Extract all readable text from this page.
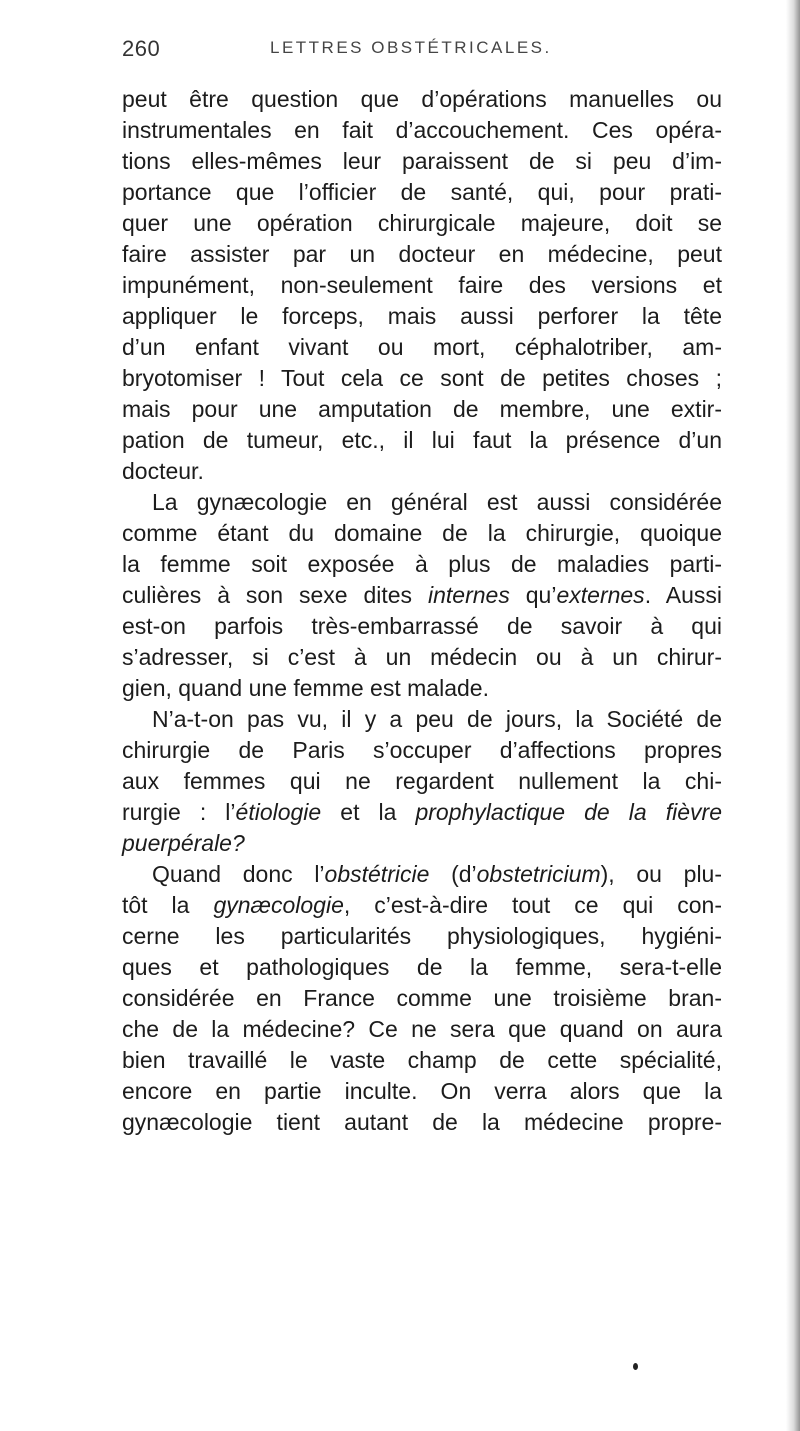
260	LETTRES OBSTÉTRICALES.
peut être question que d’opérations manuelles ou
instrumentales en fait d’accouchement. Ces opéra-
tions elles-mêmes leur paraissent de si peu d’im-
portance que l’officier de santé, qui, pour prati-
quer une opération chirurgicale majeure, doit se
faire assister par un docteur en médecine, peut
impunément, non-seulement faire des versions et
appliquer le forceps, mais aussi perforer la tête
d’un enfant vivant ou mort, céphalotriber, am-
bryotomiser ! Tout cela ce sont de petites choses ;
mais pour une amputation de membre, une extir-
pation de tumeur, etc., il lui faut la présence d’un
docteur.
La gynæcologie en général est aussi considérée
comme étant du domaine de la chirurgie, quoique
la femme soit exposée à plus de maladies parti-
culières à son sexe dites internes qu’externes. Aussi
est-on parfois très-embarrassé de savoir à qui
s’adresser, si c’est à un médecin ou à un chirur-
gien, quand une femme est malade.
N’a-t-on pas vu, il y a peu de jours, la Société de
chirurgie de Paris s’occuper d’affections propres
aux femmes qui ne regardent nullement la chi-
rurgie : l’étiologie et la prophylactique de la fièvre
puerpérale?
Quand donc l’obstétricie (d’obstetricium), ou plu-
tôt la gynæcologie, c’est-à-dire tout ce qui con-
cerne les particularités physiologiques, hygiéni-
ques et pathologiques de la femme, sera-t-elle
considérée en France comme une troisième bran-
che de la médecine? Ce ne sera que quand on aura
bien travaillé le vaste champ de cette spécialité,
encore en partie inculte. On verra alors que la
gynæcologie tient autant de la médecine propre-
